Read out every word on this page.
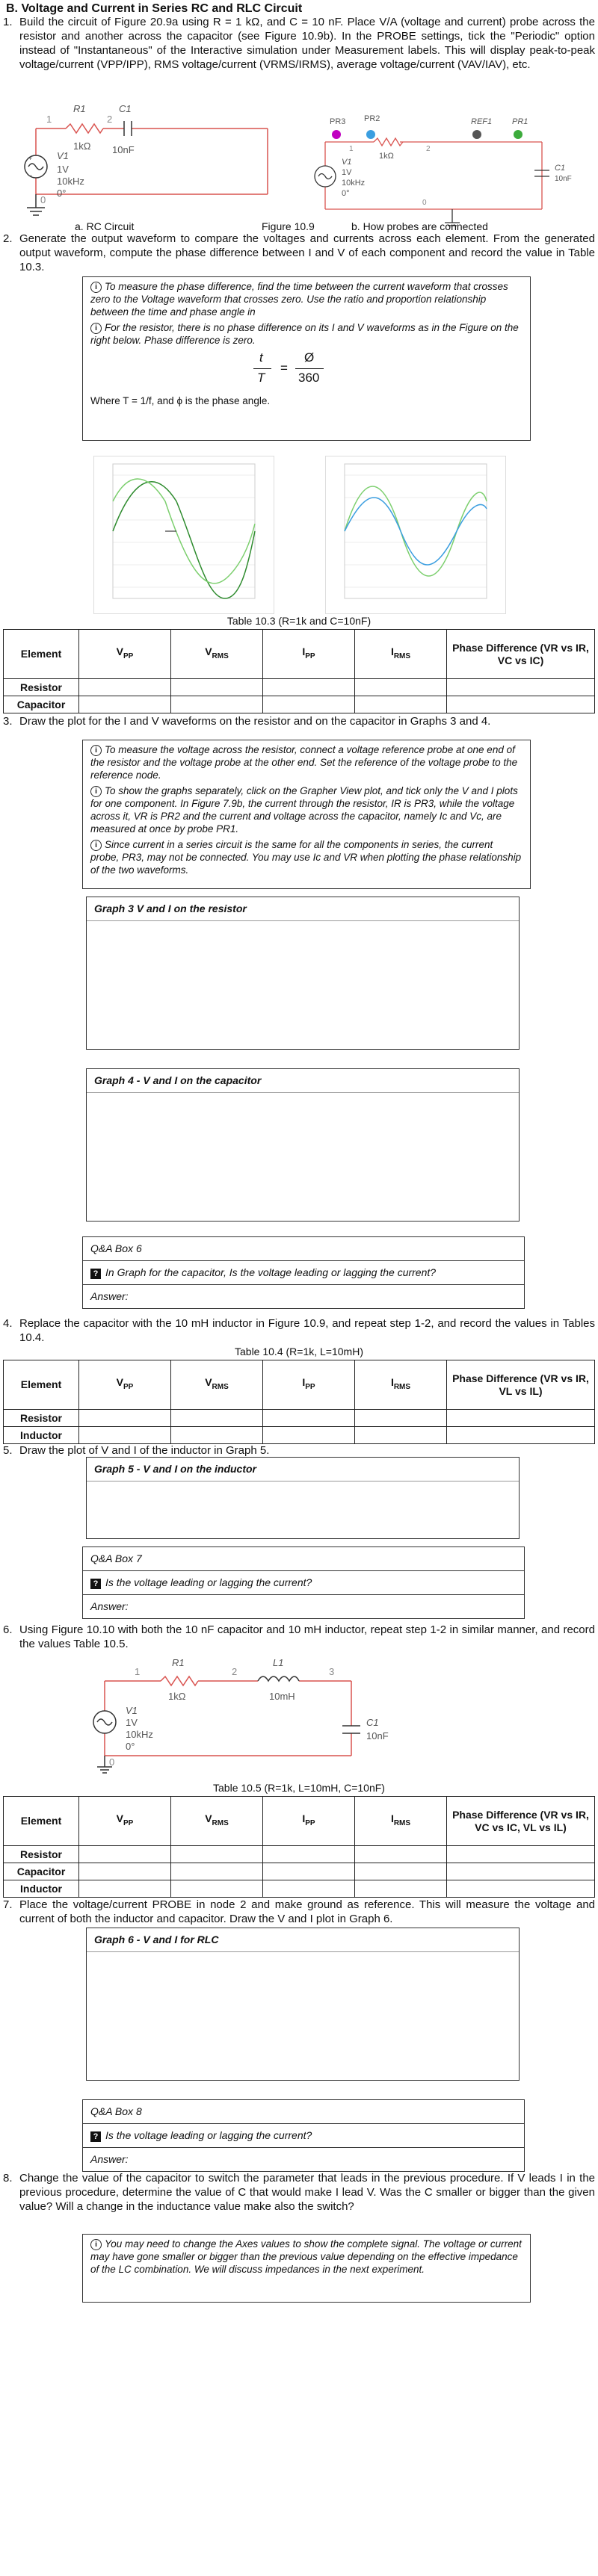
B. Voltage and Current in Series RC and RLC Circuit
1. Build the circuit of Figure 20.9a using R = 1 kΩ, and C = 10 nF. Place V/A (voltage and current) probe across the resistor and another across the capacitor (see Figure 10.9b). In the PROBE settings, tick the "Periodic" option instead of "Instantaneous" of the Interactive simulation under Measurement labels. This will display peak-to-peak voltage/current (VPP/IPP), RMS voltage/current (VRMS/IRMS), average voltage/current (VAV/IAV), etc.
+
−
1	2
0
R1
1kΩ
C1
10nF
V1
1V
10kHz
0°
PR3 PR2	REF1 PR1
1kΩ
C1
10nF
V1
1V
10kHz
0°
1	2
0
a. RC Circuit	Figure 10.9	b. How probes are connected
2. Generate the output waveform to compare the voltages and currents across each element. From the generated output waveform, compute the phase difference between I and V of each component and record the value in Table 10.3.

i To measure the phase difference, find the time between the current waveform that crosses zero to the Voltage waveform that crosses zero. Use the ratio and proportion relationship between the time and phase angle in

i For the resistor, there is no phase difference on its I and V waveforms as in the Figure on the right below. Phase difference is zero.

t
T
=
Ø
360

Where T = 1/f, and ϕ is the phase angle.

Table 10.3 (R=1k and C=10nF)
Element	$V_{PP}$	$V_{RMS}$	$I_{PP}$	$I_{RMS}$	Phase Difference (VR vs IR, VC vs IC)
Resistor					
Capacitor					
3. Draw the plot for the I and V waveforms on the resistor and on the capacitor in Graphs 3 and 4.

i To measure the voltage across the resistor, connect a voltage reference probe at one end of the resistor and the voltage probe at the other end. Set the reference of the voltage probe to the reference node.

i To show the graphs separately, click on the Grapher View plot, and tick only the V and I plots for one component. In Figure 7.9b, the current through the resistor, IR is PR3, while the voltage across it, VR is PR2 and the current and voltage across the capacitor, namely Ic and Vc, are measured at once by probe PR1.

i Since current in a series circuit is the same for all the components in series, the current probe, PR3, may not be connected. You may use Ic and VR when plotting the phase relationship of the two waveforms.

Graph 3 V and I on the resistor
Graph 4 - V and I on the capacitor
Q&A Box 6
? In Graph for the capacitor, Is the voltage leading or lagging the current?
Answer:
4. Replace the capacitor with the 10 mH inductor in Figure 10.9, and repeat step 1-2, and record the values in Tables 10.4.
Table 10.4 (R=1k, L=10mH)
Element	$V_{PP}$	$V_{RMS}$	$I_{PP}$	$I_{RMS}$	Phase Difference (VR vs IR, VL vs IL)
Resistor					
Inductor					
5. Draw the plot of V and I of the inductor in Graph 5.
Graph 5 - V and I on the inductor
Q&A Box 7
? Is the voltage leading or lagging the current?
Answer:
6. Using Figure 10.10 with both the 10 nF capacitor and 10 mH inductor, repeat step 1-2 in similar manner, and record the values Table 10.5.
1	2	3
0
R1
1kΩ
L1
10mH
C1
10nF
V1
1V
10kHz
0°
Table 10.5 (R=1k, L=10mH, C=10nF)
Element	$V_{PP}$	$V_{RMS}$	$I_{PP}$	$I_{RMS}$	Phase Difference (VR vs IR, VC vs IC, VL vs IL)
Resistor					
Capacitor					
Inductor					
7. Place the voltage/current PROBE in node 2 and make ground as reference. This will measure the voltage and current of both the inductor and capacitor. Draw the V and I plot in Graph 6.
Graph 6 - V and I for RLC
Q&A Box 8
? Is the voltage leading or lagging the current?
Answer:
8. Change the value of the capacitor to switch the parameter that leads in the previous procedure. If V leads I in the previous procedure, determine the value of C that would make I lead V. Was the C smaller or bigger than the given value? Will a change in the inductance value make also the switch?

i You may need to change the Axes values to show the complete signal. The voltage or current may have gone smaller or bigger than the previous value depending on the effective impedance of the LC combination. We will discuss impedances in the next experiment.
